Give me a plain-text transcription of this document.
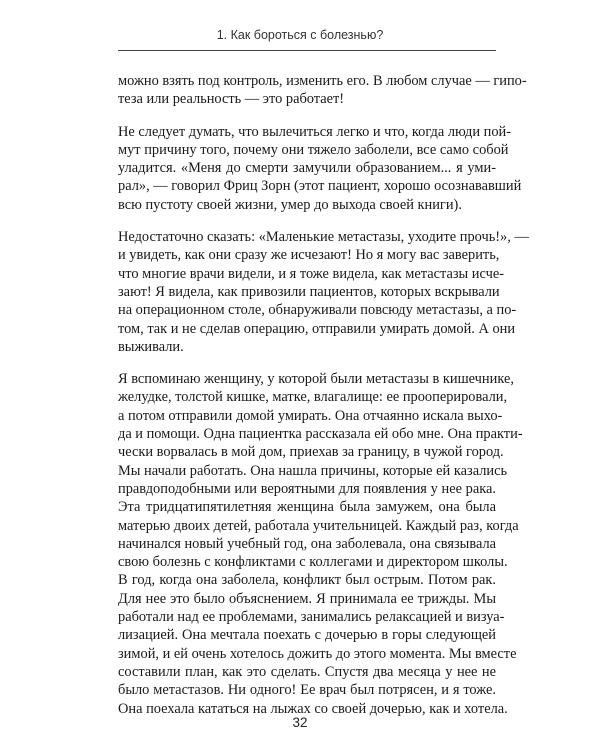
1. Как бороться с болезнью?
можно взять под контроль, изменить его. В любом случае — гипо-
теза или реальность — это работает!
Не следует думать, что вылечиться легко и что, когда люди пой-
мут причину того, почему они тяжело заболели, все само собой
уладится. «Меня до смерти замучили образованием... я уми-
рал», — говорил Фриц Зорн (этот пациент, хорошо осознававший
всю пустоту своей жизни, умер до выхода своей книги).
Недостаточно сказать: «Маленькие метастазы, уходите прочь!», —
и увидеть, как они сразу же исчезают! Но я могу вас заверить,
что многие врачи видели, и я тоже видела, как метастазы исче-
зают! Я видела, как привозили пациентов, которых вскрывали
на операционном столе, обнаруживали повсюду метастазы, а по-
том, так и не сделав операцию, отправили умирать домой. А они
выживали.
Я вспоминаю женщину, у которой были метастазы в кишечнике,
желудке, толстой кишке, матке, влагалище: ее прооперировали,
а потом отправили домой умирать. Она отчаянно искала выхо-
да и помощи. Одна пациентка рассказала ей обо мне. Она практи-
чески ворвалась в мой дом, приехав за границу, в чужой город.
Мы начали работать. Она нашла причины, которые ей казались
правдоподобными или вероятными для появления у нее рака.
Эта тридцатипятилетняя женщина была замужем, она была
матерью двоих детей, работала учительницей. Каждый раз, когда
начинался новый учебный год, она заболевала, она связывала
свою болезнь с конфликтами с коллегами и директором школы.
В год, когда она заболела, конфликт был острым. Потом рак.
Для нее это было объяснением. Я принимала ее трижды. Мы
работали над ее проблемами, занимались релаксацией и визуа-
лизацией. Она мечтала поехать с дочерью в горы следующей
зимой, и ей очень хотелось дожить до этого момента. Мы вместе
составили план, как это сделать. Спустя два месяца у нее не
было метастазов. Ни одного! Ее врач был потрясен, и я тоже.
Она поехала кататься на лыжах со своей дочерью, как и хотела.
32
